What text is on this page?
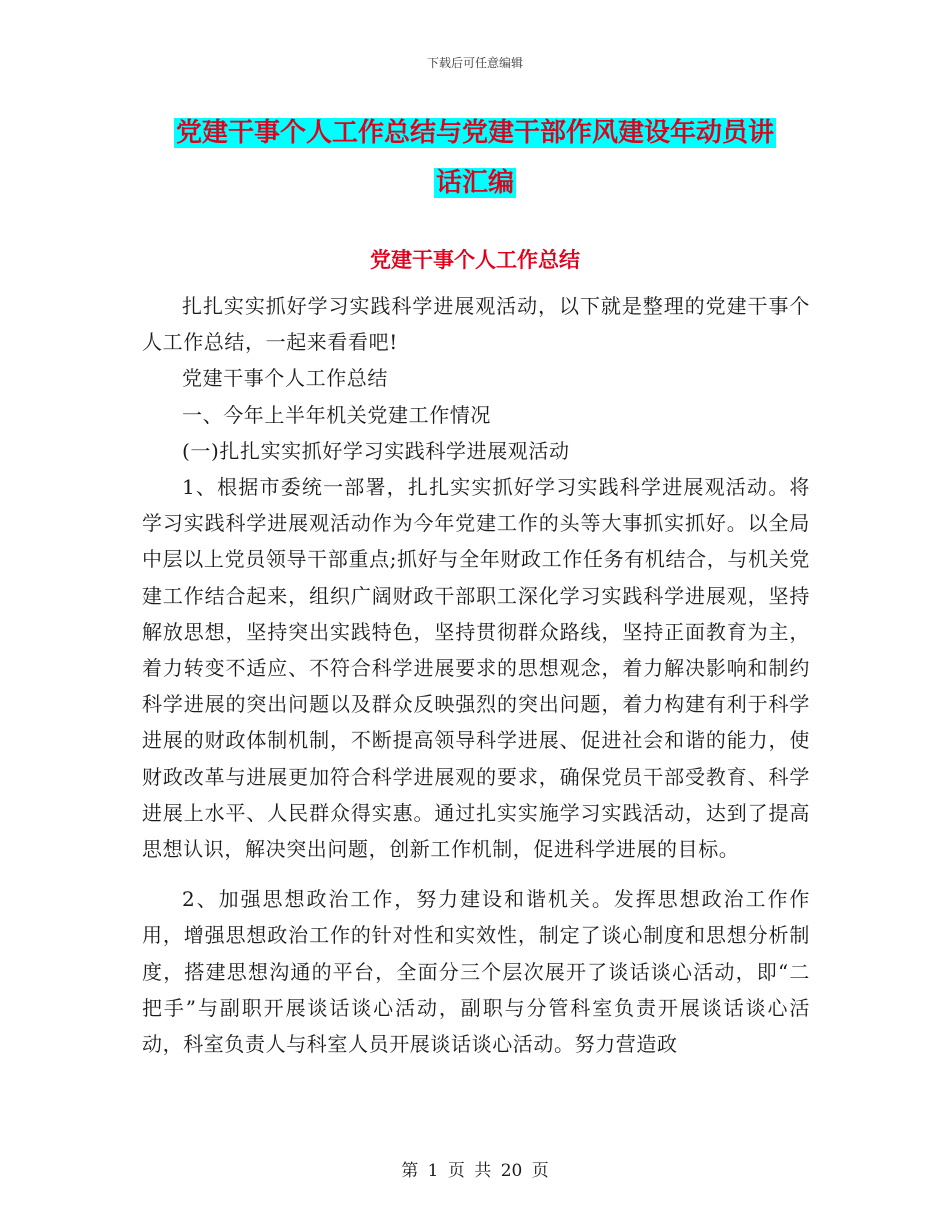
下载后可任意编辑
党建干事个人工作总结与党建干部作风建设年动员讲
话汇编
党建干事个人工作总结

扎扎实实抓好学习实践科学进展观活动，以下就是整理的党建干事个人工作总结，一起来看看吧!

党建干事个人工作总结

一、今年上半年机关党建工作情况

(一)扎扎实实抓好学习实践科学进展观活动

1、根据市委统一部署，扎扎实实抓好学习实践科学进展观活动。将学习实践科学进展观活动作为今年党建工作的头等大事抓实抓好。以全局中层以上党员领导干部重点;抓好与全年财政工作任务有机结合，与机关党建工作结合起来，组织广阔财政干部职工深化学习实践科学进展观，坚持解放思想，坚持突出实践特色，坚持贯彻群众路线，坚持正面教育为主，着力转变不适应、不符合科学进展要求的思想观念，着力解决影响和制约科学进展的突出问题以及群众反映强烈的突出问题，着力构建有利于科学进展的财政体制机制，不断提高领导科学进展、促进社会和谐的能力，使财政改革与进展更加符合科学进展观的要求，确保党员干部受教育、科学进展上水平、人民群众得实惠。通过扎实实施学习实践活动，达到了提高思想认识，解决突出问题，创新工作机制，促进科学进展的目标。

2、加强思想政治工作，努力建设和谐机关。发挥思想政治工作作用，增强思想政治工作的针对性和实效性，制定了谈心制度和思想分析制度，搭建思想沟通的平台，全面分三个层次展开了谈话谈心活动，即“二把手”与副职开展谈话谈心活动，副职与分管科室负责开展谈话谈心活动，科室负责人与科室人员开展谈话谈心活动。努力营造政

第 1 页 共 20 页
